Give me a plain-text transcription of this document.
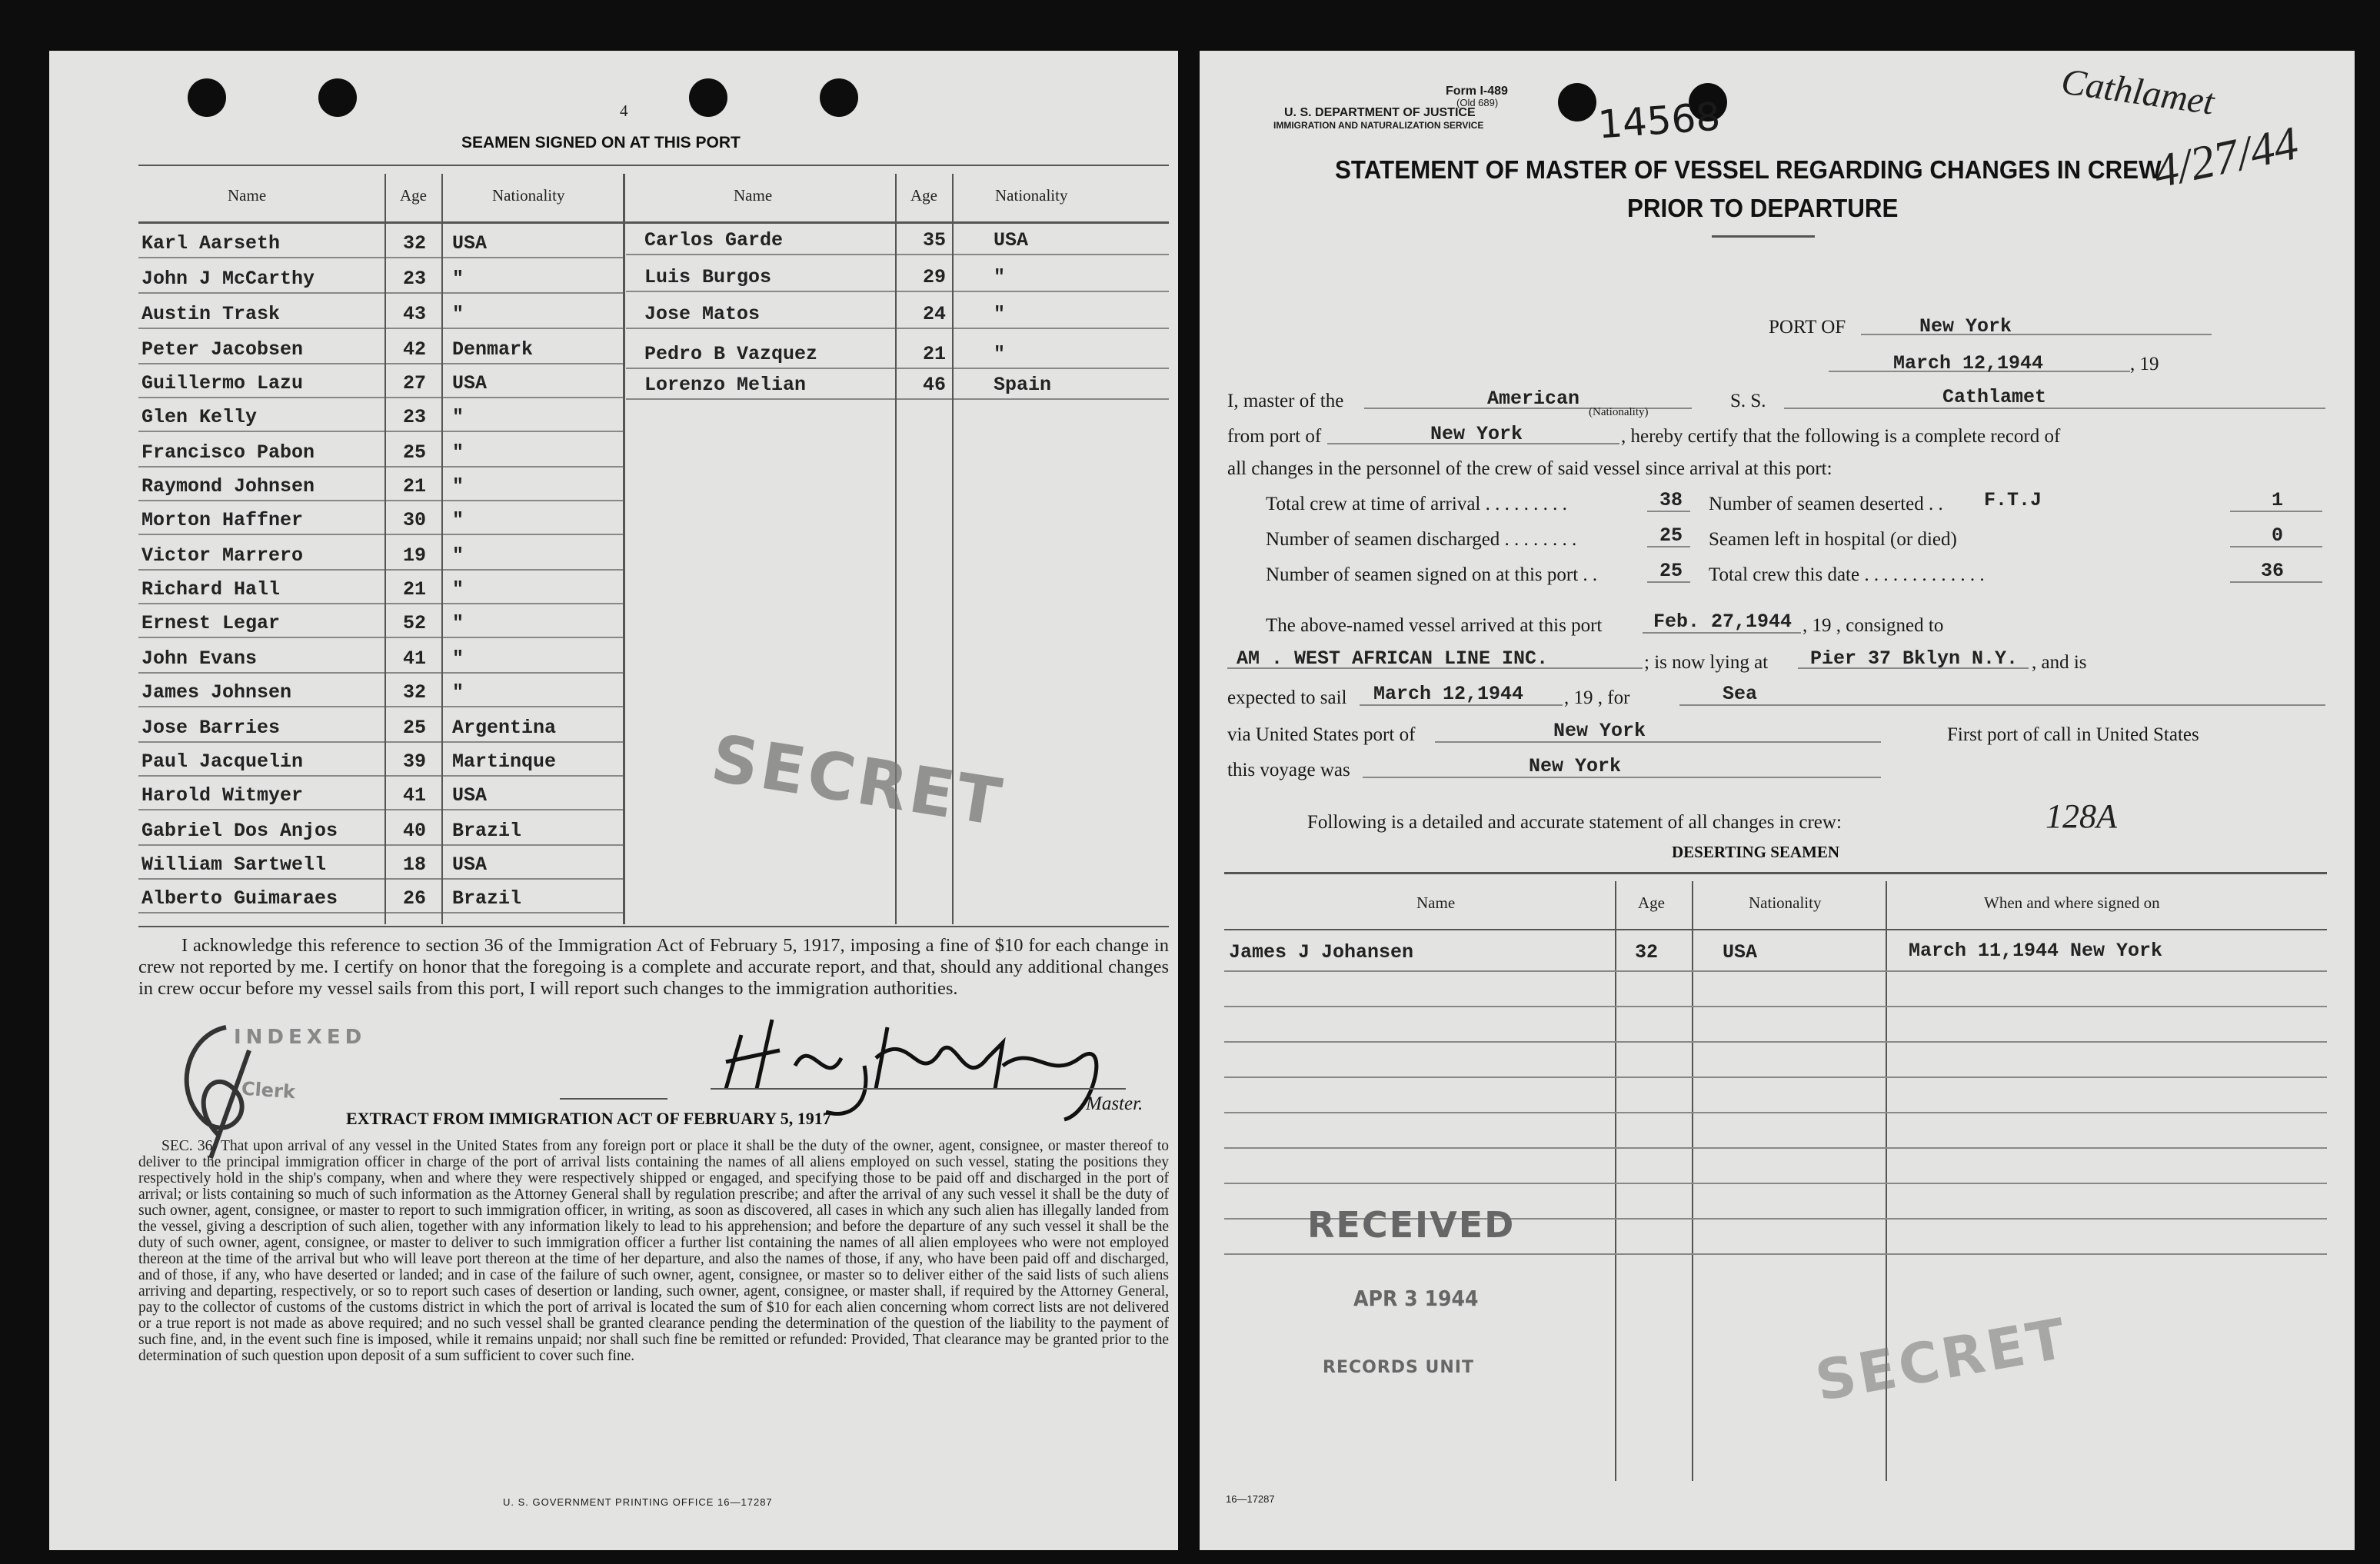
4
SEAMEN SIGNED ON AT THIS PORT
Name	Age	Nationality	Name	Age	Nationality
Karl Aarseth	32 USA
John J McCarthy	23 "
Austin Trask	43 "
Peter Jacobsen	42 Denmark
Guillermo Lazu	27 USA
Glen Kelly	23 "
Francisco Pabon	25 "
Raymond Johnsen	21 "
Morton Haffner	30 "
Victor Marrero	19 "
Richard Hall	21 "
Ernest Legar	52 "
John Evans	41 "
James Johnsen	32 "
Jose Barries	25 Argentina
Paul Jacquelin	39 Martinque
Harold Witmyer	41 USA
Gabriel Dos Anjos	40 Brazil
William Sartwell	18 USA
Alberto Guimaraes	26 Brazil
Carlos Garde	35 USA
Luis Burgos	29 "
Jose Matos	24 "
Pedro B Vazquez	21 "
Lorenzo Melian	46 Spain
SECRET
I acknowledge this reference to section 36 of the Immigration Act of February 5, 1917, imposing a fine of $10 for each change in crew not reported by me. I certify on honor that the foregoing is a complete and accurate report, and that, should any additional changes in crew occur before my vessel sails from this port, I will report such changes to the immigration authorities.
INDEXED
Clerk
Master.
EXTRACT FROM IMMIGRATION ACT OF FEBRUARY 5, 1917
SEC. 36. That upon arrival of any vessel in the United States from any foreign port or place it shall be the duty of the owner, agent, consignee, or master thereof to deliver to the principal immigration officer in charge of the port of arrival lists containing the names of all aliens employed on such vessel, stating the positions they respectively hold in the ship's company, when and where they were respectively shipped or engaged, and specifying those to be paid off and discharged in the port of arrival; or lists containing so much of such information as the Attorney General shall by regulation prescribe; and after the arrival of any such vessel it shall be the duty of such owner, agent, consignee, or master to report to such immigration officer, in writing, as soon as discovered, all cases in which any such alien has illegally landed from the vessel, giving a description of such alien, together with any information likely to lead to his apprehension; and before the departure of any such vessel it shall be the duty of such owner, agent, consignee, or master to deliver to such immigration officer a further list containing the names of all alien employees who were not employed thereon at the time of the arrival but who will leave port thereon at the time of her departure, and also the names of those, if any, who have been paid off and discharged, and of those, if any, who have deserted or landed; and in case of the failure of such owner, agent, consignee, or master so to deliver either of the said lists of such aliens arriving and departing, respectively, or so to report such cases of desertion or landing, such owner, agent, consignee, or master shall, if required by the Attorney General, pay to the collector of customs of the customs district in which the port of arrival is located the sum of $10 for each alien concerning whom correct lists are not delivered or a true report is not made as above required; and no such vessel shall be granted clearance pending the determination of the question of the liability to the payment of such fine, and, in the event such fine is imposed, while it remains unpaid; nor shall such fine be remitted or refunded: Provided, That clearance may be granted prior to the determination of such question upon deposit of a sum sufficient to cover such fine.
U. S. GOVERNMENT PRINTING OFFICE 16—17287
Form I-489
(Old 689)
U. S. DEPARTMENT OF JUSTICE
IMMIGRATION AND NATURALIZATION SERVICE	14568	Cathlamet
4/27/44
STATEMENT OF MASTER OF VESSEL REGARDING CHANGES IN CREW
PRIOR TO DEPARTURE
PORT OF	New York
March 12,1944	, 19
I, master of the	American
(Nationality)
S. S.	Cathlamet
from port of	New York	, hereby certify that the following is a complete record of
all changes in the personnel of the crew of said vessel since arrival at this port:
Total crew at time of arrival . . . . . . . . .	38
Number of seamen discharged . . . . . . . .	25
Number of seamen signed on at this port . .	25
Number of seamen deserted . . F.T.J	1
Seamen left in hospital (or died)	0
Total crew this date . . . . . . . . . . . . .	36
The above-named vessel arrived at this port	Feb. 27,1944 , 19 , consigned to
AM . WEST AFRICAN LINE INC.	; is now lying at Pier 37 Bklyn N.Y. , and is
expected to sail March 12,1944 , 19 , for	Sea
via United States port of	New York	First port of call in United States
this voyage was	New York
Following is a detailed and accurate statement of all changes in crew:	128A
DESERTING SEAMEN
Name	Age	Nationality	When and where signed on
James J Johansen	32	USA	March 11,1944 New York
RECEIVED
APR 3 1944
RECORDS UNIT	SECRET
16—17287
